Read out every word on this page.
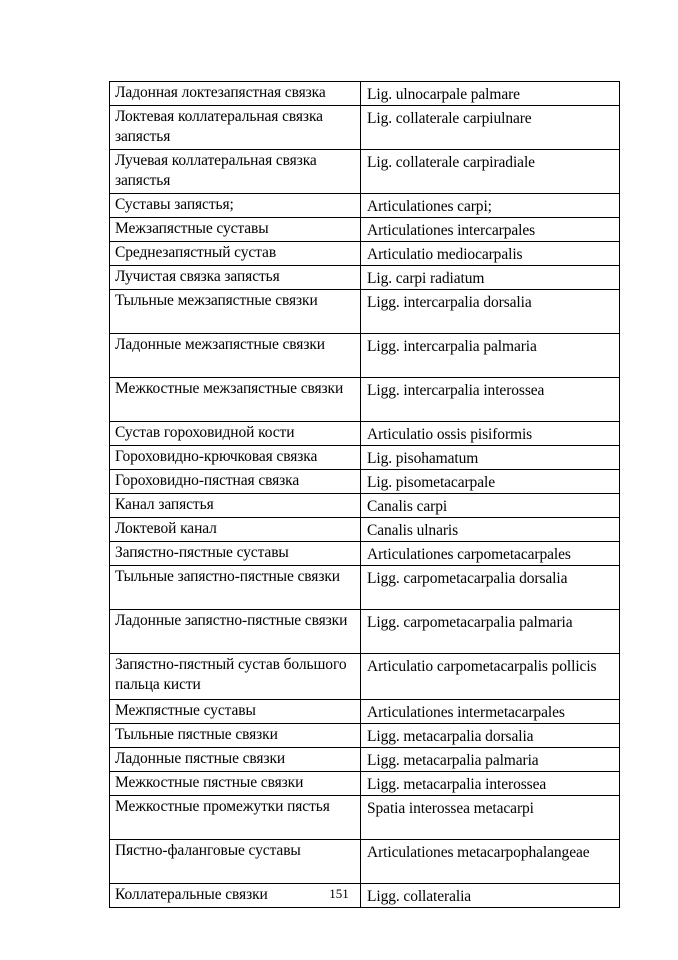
Ладонная локтезапястная связка	Lig. ulnocarpale palmare
Локтевая коллатеральная связка запястья	Lig. collaterale carpiulnare
Лучевая коллатеральная связка запястья	Lig. collaterale carpiradiale
Суставы запястья;	Articulationes carpi;
Межзапястные суставы	Articulationes intercarpales
Среднезапястный сустав	Articulatio mediocarpalis
Лучистая связка запястья	Lig. carpi radiatum
Тыльные межзапястные связки	Ligg. intercarpalia dorsalia
Ладонные межзапястные связки	Ligg. intercarpalia palmaria
Межкостные межзапястные связки	Ligg. intercarpalia interossea
Сустав гороховидной кости	Articulatio ossis pisiformis
Гороховидно-крючковая связка	Lig. pisohamatum
Гороховидно-пястная связка	Lig. pisometacarpale
Канал запястья	Canalis carpi
Локтевой канал	Canalis ulnaris
Запястно-пястные суставы	Articulationes carpometacarpales
Тыльные запястно-пястные связки	Ligg. carpometacarpalia dorsalia
Ладонные запястно-пястные связки	Ligg. carpometacarpalia palmaria
Запястно-пястный сустав большого пальца кисти	Articulatio carpometacarpalis pollicis
Межпястные суставы	Articulationes intermetacarpales
Тыльные пястные связки	Ligg. metacarpalia dorsalia
Ладонные пястные связки	Ligg. metacarpalia palmaria
Межкостные пястные связки	Ligg. metacarpalia interossea
Межкостные промежутки пястья	Spatia interossea metacarpi
Пястно-фаланговые суставы	Articulationes metacarpophalangeae
Коллатеральные связки	Ligg. collateralia
151
